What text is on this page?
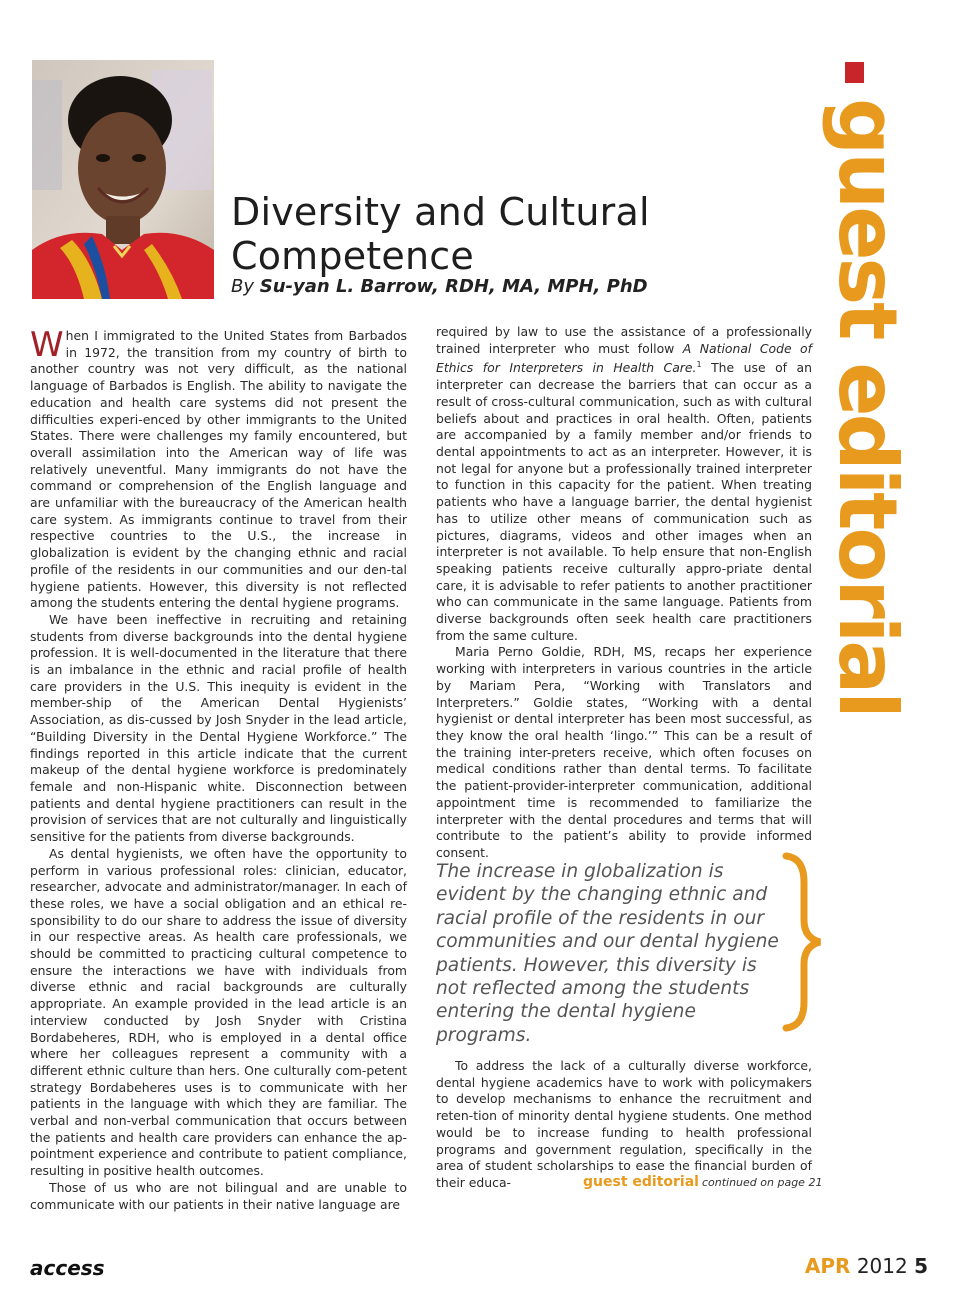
Diversity and Cultural Competence
By Su-yan L. Barrow, RDH, MA, MPH, PhD

When I immigrated to the United States from Barbados in 1972, the transition from my country of birth to another country was not very difficult, as the national language of Barbados is English. The ability to navigate the education and health care systems did not present the difficulties experi-enced by other immigrants to the United States. There were challenges my family encountered, but overall assimilation into the American way of life was relatively uneventful. Many immigrants do not have the command or comprehension of the English language and are unfamiliar with the bureaucracy of the American health care system. As immigrants continue to travel from their respective countries to the U.S., the increase in globalization is evident by the changing ethnic and racial profile of the residents in our communities and our den-tal hygiene patients. However, this diversity is not reflected among the students entering the dental hygiene programs.

We have been ineffective in recruiting and retaining students from diverse backgrounds into the dental hygiene profession. It is well-documented in the literature that there is an imbalance in the ethnic and racial profile of health care providers in the U.S. This inequity is evident in the member-ship of the American Dental Hygienists’ Association, as dis-cussed by Josh Snyder in the lead article, “Building Diversity in the Dental Hygiene Workforce.” The findings reported in this article indicate that the current makeup of the dental hygiene workforce is predominately female and non-Hispanic white. Disconnection between patients and dental hygiene practitioners can result in the provision of services that are not culturally and linguistically sensitive for the patients from diverse backgrounds.

As dental hygienists, we often have the opportunity to perform in various professional roles: clinician, educator, researcher, advocate and administrator/manager. In each of these roles, we have a social obligation and an ethical re-sponsibility to do our share to address the issue of diversity in our respective areas. As health care professionals, we should be committed to practicing cultural competence to ensure the interactions we have with individuals from diverse ethnic and racial backgrounds are culturally appropriate. An example provided in the lead article is an interview conducted by Josh Snyder with Cristina Bordabeheres, RDH, who is employed in a dental office where her colleagues represent a community with a different ethnic culture than hers. One culturally com-petent strategy Bordabeheres uses is to communicate with her patients in the language with which they are familiar. The verbal and non-verbal communication that occurs between the patients and health care providers can enhance the ap-pointment experience and contribute to patient compliance, resulting in positive health outcomes.

Those of us who are not bilingual and are unable to communicate with our patients in their native language are

required by law to use the assistance of a professionally trained interpreter who must follow A National Code of Ethics for Interpreters in Health Care.$^1$ The use of an interpreter can decrease the barriers that can occur as a result of cross-cultural communication, such as with cultural beliefs about and practices in oral health. Often, patients are accompanied by a family member and/or friends to dental appointments to act as an interpreter. However, it is not legal for anyone but a professionally trained interpreter to function in this capacity for the patient. When treating patients who have a language barrier, the dental hygienist has to utilize other means of communication such as pictures, diagrams, videos and other images when an interpreter is not available. To help ensure that non-English speaking patients receive culturally appro-priate dental care, it is advisable to refer patients to another practitioner who can communicate in the same language. Patients from diverse backgrounds often seek health care practitioners from the same culture.

Maria Perno Goldie, RDH, MS, recaps her experience working with interpreters in various countries in the article by Mariam Pera, “Working with Translators and Interpreters.” Goldie states, “Working with a dental hygienist or dental interpreter has been most successful, as they know the oral health ‘lingo.’” This can be a result of the training inter-preters receive, which often focuses on medical conditions rather than dental terms. To facilitate the patient-provider-interpreter communication, additional appointment time is recommended to familiarize the interpreter with the dental procedures and terms that will contribute to the patient’s ability to provide informed consent.

The increase in globalization is evident by the changing ethnic and racial profile of the residents in our communities and our dental hygiene patients. However, this diversity is not reflected among the students entering the dental hygiene programs.

To address the lack of a culturally diverse workforce, dental hygiene academics have to work with policymakers to develop mechanisms to enhance the recruitment and reten-tion of minority dental hygiene students. One method would be to increase funding to health professional programs and government regulation, specifically in the area of student scholarships to ease the financial burden of their educa-	guest editorial continued on page 21
guest editorial
access	APR 2012 5
